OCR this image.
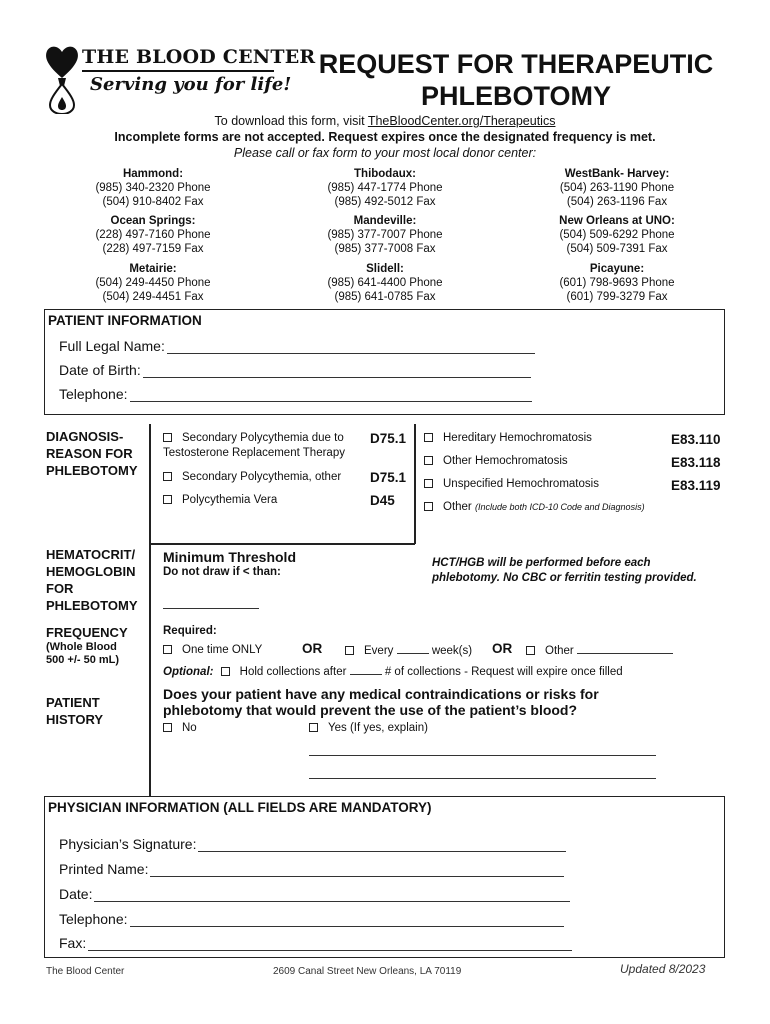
THE BLOOD CENTER
Serving you for life!
REQUEST FOR THERAPEUTIC
PHLEBOTOMY
To download this form, visit TheBloodCenter.org/Therapeutics
Incomplete forms are not accepted. Request expires once the designated frequency is met.
Please call or fax form to your most local donor center:
Hammond:
(985) 340-2320 Phone
(504) 910-8402 Fax
Thibodaux:
(985) 447-1774 Phone
(985) 492-5012 Fax
WestBank- Harvey:
(504) 263-1190 Phone
(504) 263-1196 Fax
Ocean Springs:
(228) 497-7160 Phone
(228) 497-7159 Fax
Mandeville:
(985) 377-7007 Phone
(985) 377-7008 Fax
New Orleans at UNO:
(504) 509-6292 Phone
(504) 509-7391 Fax
Metairie:
(504) 249-4450 Phone
(504) 249-4451 Fax
Slidell:
(985) 641-4400 Phone
(985) 641-0785 Fax
Picayune:
(601) 798-9693 Phone
(601) 799-3279 Fax
PATIENT INFORMATION
Full Legal Name:
Date of Birth:
Telephone:
DIAGNOSIS-
REASON FOR
PHLEBOTOMY
Secondary Polycythemia due to
Testosterone Replacement Therapy
D75.1
Secondary Polycythemia, other D75.1
Polycythemia Vera	D45
Hereditary Hemochromatosis	E83.110
Other Hemochromatosis	E83.118
Unspecified Hemochromatosis	E83.119
Other (Include both ICD-10 Code and Diagnosis)
HEMATOCRIT/
HEMOGLOBIN
FOR
PHLEBOTOMY
Minimum Threshold
Do not draw if < than:
HCT/HGB will be performed before each phlebotomy. No CBC or ferritin testing provided.
FREQUENCY
(Whole Blood
500 +/- 50 mL)
Required:
One time ONLY	OR	Every	week(s) OR	Other
Optional: Hold collections after	# of collections - Request will expire once filled
PATIENT
HISTORY
Does your patient have any medical contraindications or risks for phlebotomy that would prevent the use of the patient’s blood?
No	Yes (If yes, explain)
PHYSICIAN INFORMATION (ALL FIELDS ARE MANDATORY)
Physician’s Signature:
Printed Name:
Date:
Telephone:
Fax:
The Blood Center	2609 Canal Street New Orleans, LA 70119	Updated 8/2023
